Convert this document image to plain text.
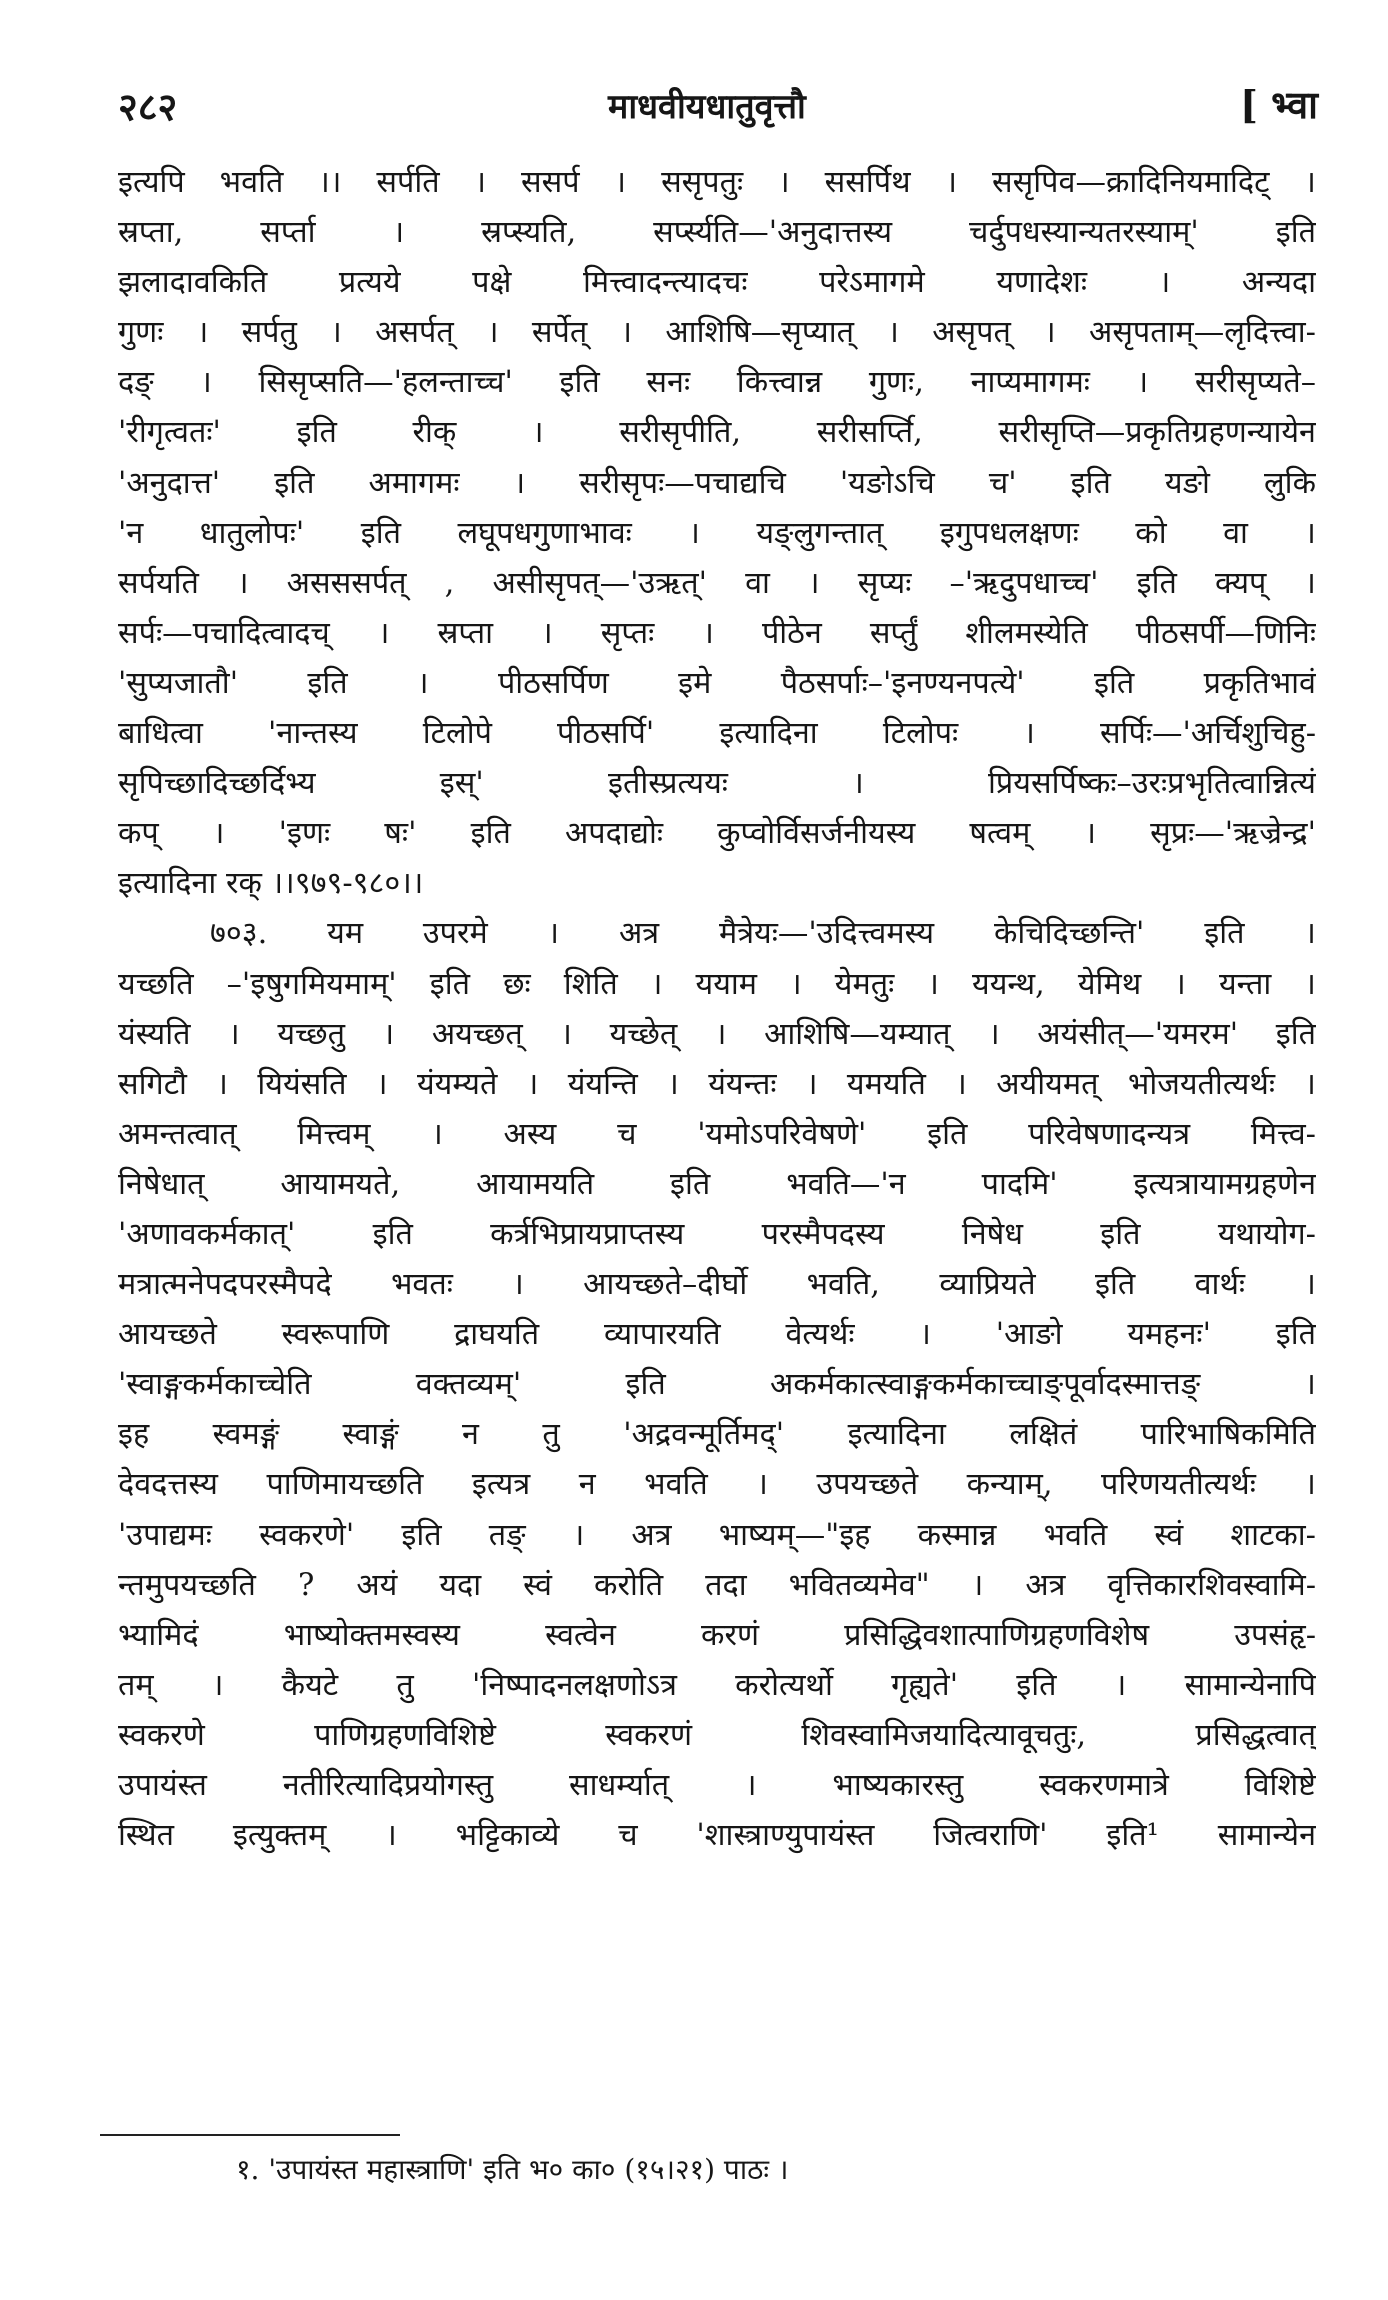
२८२	माधवीयधातुवृत्तौ	[ भ्वा
इत्यपि भवति ।। सर्पति । ससर्प । ससृपतुः । ससर्पिथ । ससृपिव—क्रादिनियमादिट् ।
स्रप्ता, सर्प्ता । स्रप्स्यति, सर्प्स्यति—'अनुदात्तस्य चर्दुपधस्यान्यतरस्याम्' इति
झलादावकिति प्रत्यये पक्षे मित्त्वादन्त्यादचः परेऽमागमे यणादेशः । अन्यदा
गुणः । सर्पतु । असर्पत् । सर्पेत् । आशिषि—सृप्यात् । असृपत् । असृपताम्—लृदित्त्वा-
दङ् । सिसृप्सति—'हलन्ताच्च' इति सनः कित्त्वान्न गुणः, नाप्यमागमः । सरीसृप्यते–
'रीगृत्वतः' इति रीक् । सरीसृपीति, सरीसर्प्ति, सरीसृप्ति—प्रकृतिग्रहणन्यायेन
'अनुदात्त' इति अमागमः । सरीसृपः—पचाद्यचि 'यङोऽचि च' इति यङो लुकि
'न धातुलोपः' इति लघूपधगुणाभावः । यङ्लुगन्तात् इगुपधलक्षणः को वा ।
सर्पयति । असससर्पत् , असीसृपत्—'उऋत्' वा । सृप्यः –'ऋदुपधाच्च' इति क्यप् ।
सर्पः—पचादित्वादच् । स्रप्ता । सृप्तः । पीठेन सर्प्तुं शीलमस्येति पीठसर्पी—णिनिः
'सुप्यजातौ' इति । पीठसर्पिण इमे पैठसर्पाः–'इनण्यनपत्ये' इति प्रकृतिभावं
बाधित्वा 'नान्तस्य टिलोपे पीठसर्पि' इत्यादिना टिलोपः । सर्पिः—'अर्चिशुचिहु-
सृपिच्छादिच्छर्दिभ्य इस्' इतीस्प्रत्ययः । प्रियसर्पिष्कः–उरःप्रभृतित्वान्नित्यं
कप् । 'इणः षः' इति अपदाद्योः कुप्वोर्विसर्जनीयस्य षत्वम् । सृप्रः—'ऋज्रेन्द्र'
इत्यादिना रक् ।।९७९-९८०।।
७०३. यम उपरमे । अत्र मैत्रेयः—'उदित्त्वमस्य केचिदिच्छन्ति' इति ।
यच्छति –'इषुगमियमाम्' इति छः शिति । ययाम । येमतुः । ययन्थ, येमिथ । यन्ता ।
यंस्यति । यच्छतु । अयच्छत् । यच्छेत् । आशिषि—यम्यात् । अयंसीत्—'यमरम' इति
सगिटौ । यियंसति । यंयम्यते । यंयन्ति । यंयन्तः । यमयति । अयीयमत् भोजयतीत्यर्थः ।
अमन्तत्वात् मित्त्वम् । अस्य च 'यमोऽपरिवेषणे' इति परिवेषणादन्यत्र मित्त्व-
निषेधात् आयामयते, आयामयति इति भवति—'न पादमि' इत्यत्रायामग्रहणेन
'अणावकर्मकात्' इति कर्त्रभिप्रायप्राप्तस्य परस्मैपदस्य निषेध इति यथायोग-
मत्रात्मनेपदपरस्मैपदे भवतः । आयच्छते–दीर्घो भवति, व्याप्रियते इति वार्थः ।
आयच्छते स्वरूपाणि द्राघयति व्यापारयति वेत्यर्थः । 'आङो यमहनः' इति
'स्वाङ्गकर्मकाच्चेति वक्तव्यम्' इति अकर्मकात्स्वाङ्गकर्मकाच्चाङ्पूर्वादस्मात्तङ् ।
इह स्वमङ्गं स्वाङ्गं न तु 'अद्रवन्मूर्तिमद्' इत्यादिना लक्षितं पारिभाषिकमिति
देवदत्तस्य पाणिमायच्छति इत्यत्र न भवति । उपयच्छते कन्याम्, परिणयतीत्यर्थः ।
'उपाद्यमः स्वकरणे' इति तङ् । अत्र भाष्यम्—"इह कस्मान्न भवति स्वं शाटका-
न्तमुपयच्छति ? अयं यदा स्वं करोति तदा भवितव्यमेव" । अत्र वृत्तिकारशिवस्वामि-
भ्यामिदं भाष्योक्तमस्वस्य स्वत्वेन करणं प्रसिद्धिवशात्पाणिग्रहणविशेष उपसंहृ-
तम् । कैयटे तु 'निष्पादनलक्षणोऽत्र करोत्यर्थो गृह्यते' इति । सामान्येनापि
स्वकरणे पाणिग्रहणविशिष्टे स्वकरणं शिवस्वामिजयादित्यावूचतुः, प्रसिद्धत्वात्
उपायंस्त नतीरित्यादिप्रयोगस्तु साधर्म्यात् । भाष्यकारस्तु स्वकरणमात्रे विशिष्टे
स्थित इत्युक्तम् । भट्टिकाव्ये च 'शास्त्राण्युपायंस्त जित्वराणि' इति¹ सामान्येन
१. 'उपायंस्त महास्त्राणि' इति भ० का० (१५।२१) पाठः ।
